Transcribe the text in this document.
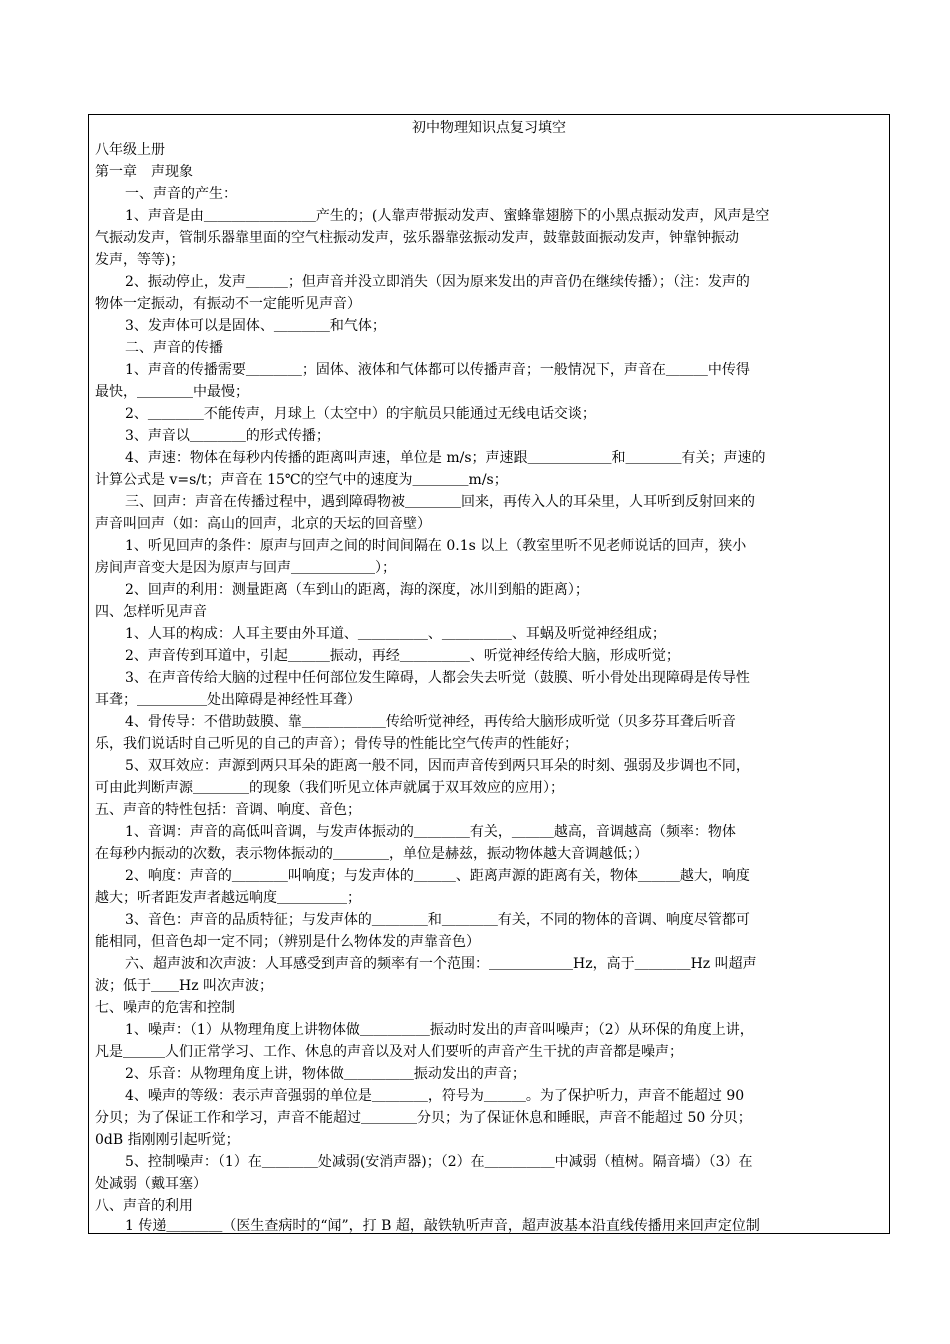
初中物理知识点复习填空
八年级上册
第一章　声现象
一、声音的产生：
1、声音是由＿＿＿＿＿＿＿＿产生的；(人靠声带振动发声、蜜蜂靠翅膀下的小黑点振动发声，风声是空
气振动发声，管制乐器靠里面的空气柱振动发声，弦乐器靠弦振动发声，鼓靠鼓面振动发声，钟靠钟振动
发声，等等)；
2、振动停止，发声＿＿＿；但声音并没立即消失（因为原来发出的声音仍在继续传播）；（注：发声的
物体一定振动，有振动不一定能听见声音）
3、发声体可以是固体、＿＿＿＿和气体；
二、声音的传播
1、声音的传播需要＿＿＿＿；固体、液体和气体都可以传播声音；一般情况下，声音在＿＿＿中传得
最快，＿＿＿＿中最慢；
2、＿＿＿＿不能传声，月球上（太空中）的宇航员只能通过无线电话交谈；
3、声音以＿＿＿＿的形式传播；
4、声速：物体在每秒内传播的距离叫声速，单位是 m/s；声速跟＿＿＿＿＿＿和＿＿＿＿有关；声速的
计算公式是 v=s/t；声音在 15℃的空气中的速度为＿＿＿＿m/s；
三、回声：声音在传播过程中，遇到障碍物被＿＿＿＿回来，再传入人的耳朵里，人耳听到反射回来的
声音叫回声（如：高山的回声，北京的天坛的回音壁）
1、听见回声的条件：原声与回声之间的时间间隔在 0.1s 以上（教室里听不见老师说话的回声，狭小
房间声音变大是因为原声与回声＿＿＿＿＿＿）；
2、回声的利用：测量距离（车到山的距离，海的深度，冰川到船的距离）；
四、怎样听见声音
1、人耳的构成：人耳主要由外耳道、＿＿＿＿＿、＿＿＿＿＿、耳蜗及听觉神经组成；
2、声音传到耳道中，引起＿＿＿振动，再经＿＿＿＿＿、听觉神经传给大脑，形成听觉；
3、在声音传给大脑的过程中任何部位发生障碍，人都会失去听觉（鼓膜、听小骨处出现障碍是传导性
耳聋；＿＿＿＿＿处出障碍是神经性耳聋）
4、骨传导：不借助鼓膜、靠＿＿＿＿＿＿传给听觉神经，再传给大脑形成听觉（贝多芬耳聋后听音
乐，我们说话时自己听见的自己的声音）；骨传导的性能比空气传声的性能好；
5、双耳效应：声源到两只耳朵的距离一般不同，因而声音传到两只耳朵的时刻、强弱及步调也不同，
可由此判断声源＿＿＿＿的现象（我们听见立体声就属于双耳效应的应用）；
五、声音的特性包括：音调、响度、音色；
1、音调：声音的高低叫音调，与发声体振动的＿＿＿＿有关，＿＿＿越高，音调越高（频率：物体
在每秒内振动的次数，表示物体振动的＿＿＿＿，单位是赫兹，振动物体越大音调越低；）
2、响度：声音的＿＿＿＿叫响度；与发声体的＿＿＿、距离声源的距离有关，物体＿＿＿越大，响度
越大；听者距发声者越远响度＿＿＿＿＿；
3、音色：声音的品质特征；与发声体的＿＿＿＿和＿＿＿＿有关，不同的物体的音调、响度尽管都可
能相同，但音色却一定不同；（辨别是什么物体发的声靠音色）
六、超声波和次声波：人耳感受到声音的频率有一个范围：＿＿＿＿＿＿Hz，高于＿＿＿＿Hz 叫超声
波；低于＿＿Hz 叫次声波；
七、噪声的危害和控制
1、噪声：（1）从物理角度上讲物体做＿＿＿＿＿振动时发出的声音叫噪声；（2）从环保的角度上讲，
凡是＿＿＿人们正常学习、工作、休息的声音以及对人们要听的声音产生干扰的声音都是噪声；
2、乐音：从物理角度上讲，物体做＿＿＿＿＿振动发出的声音；
4、噪声的等级：表示声音强弱的单位是＿＿＿＿，符号为＿＿＿。为了保护听力，声音不能超过 90
分贝；为了保证工作和学习，声音不能超过＿＿＿＿分贝；为了保证休息和睡眠，声音不能超过 50 分贝；
0dB 指刚刚引起听觉；
5、控制噪声：（1）在＿＿＿＿处减弱(安消声器)；（2）在＿＿＿＿＿中减弱（植树。隔音墙）（3）在
处减弱（戴耳塞）
八、声音的利用
1 传递＿＿＿＿（医生查病时的“闻”，打 B 超，敲铁轨听声音，超声波基本沿直线传播用来回声定位制
